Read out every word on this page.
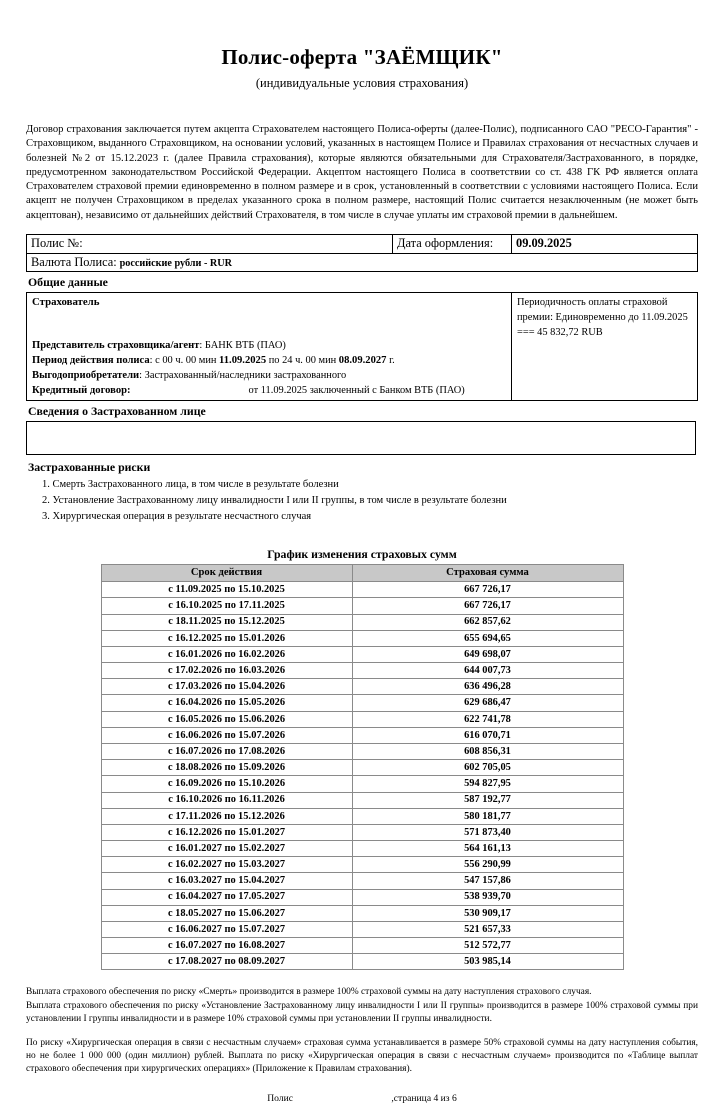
Полис-оферта "ЗАЁМЩИК"

(индивидуальные условия страхования)

Договор страхования заключается путем акцепта Страхователем настоящего Полиса-оферты (далее-Полис), подписанного САО "РЕСО-Гарантия" - Страховщиком, выданного Страховщиком, на основании условий, указанных в настоящем Полисе и Правилах страхования от несчастных случаев и болезней №2 от 15.12.2023 г. (далее Правила страхования), которые являются обязательными для Страхователя/Застрахованного, в порядке, предусмотренном законодательством Российской Федерации. Акцептом настоящего Полиса в соответствии со ст. 438 ГК РФ является оплата Страхователем страховой премии единовременно в полном размере и в срок, установленный в соответствии с условиями настоящего Полиса. Если акцепт не получен Страховщиком в пределах указанного срока в полном размере, настоящий Полис считается незаключенным (не может быть акцептован), независимо от дальнейших действий Страхователя, в том числе в случае уплаты им страховой премии в дальнейшем.

Полис №:	Дата оформления:	09.09.2025
Валюта Полиса: российские рубли - RUR
Общие данные
Страхователь
Представитель страховщика/агент: БАНК ВТБ (ПАО)
Период действия полиса: с 00 ч. 00 мин 11.09.2025 по 24 ч. 00 мин 08.09.2027 г.
Выгодоприобретатели: Застрахованный/наследники застрахованного
Кредитный договор:	от 11.09.2025 заключенный с Банком ВТБ (ПАО)
	Периодичность оплаты страховой премии: Единовременно до 11.09.2025 === 45 832,72 RUB
Сведения о Застрахованном лице
Застрахованные риски
1. Смерть Застрахованного лица, в том числе в результате болезни
2. Установление Застрахованному лицу инвалидности I или II группы, в том числе в результате болезни
3. Хирургическая операция в результате несчастного случая
График изменения страховых сумм
Срок действия	Страховая сумма
с 11.09.2025 по 15.10.2025	667 726,17
с 16.10.2025 по 17.11.2025	667 726,17
с 18.11.2025 по 15.12.2025	662 857,62
с 16.12.2025 по 15.01.2026	655 694,65
с 16.01.2026 по 16.02.2026	649 698,07
с 17.02.2026 по 16.03.2026	644 007,73
с 17.03.2026 по 15.04.2026	636 496,28
с 16.04.2026 по 15.05.2026	629 686,47
с 16.05.2026 по 15.06.2026	622 741,78
с 16.06.2026 по 15.07.2026	616 070,71
с 16.07.2026 по 17.08.2026	608 856,31
с 18.08.2026 по 15.09.2026	602 705,05
с 16.09.2026 по 15.10.2026	594 827,95
с 16.10.2026 по 16.11.2026	587 192,77
с 17.11.2026 по 15.12.2026	580 181,77
с 16.12.2026 по 15.01.2027	571 873,40
с 16.01.2027 по 15.02.2027	564 161,13
с 16.02.2027 по 15.03.2027	556 290,99
с 16.03.2027 по 15.04.2027	547 157,86
с 16.04.2027 по 17.05.2027	538 939,70
с 18.05.2027 по 15.06.2027	530 909,17
с 16.06.2027 по 15.07.2027	521 657,33
с 16.07.2027 по 16.08.2027	512 572,77
с 17.08.2027 по 08.09.2027	503 985,14

Выплата страхового обеспечения по риску «Смерть» производится в размере 100% страховой суммы на дату наступления страхового случая.

Выплата страхового обеспечения по риску «Установление Застрахованному лицу инвалидности I или II группы» производится в размере 100% страховой суммы при установлении I группы инвалидности и в размере 10% страховой суммы при установлении II группы инвалидности.

По риску «Хирургическая операция в связи с несчастным случаем» страховая сумма устанавливается в размере 50% страховой суммы на дату наступления события, но не более 1 000 000 (один миллион) рублей. Выплата по риску «Хирургическая операция в связи с несчастным случаем» производится по «Таблице выплат страхового обеспечения при хирургических операциях» (Приложение к Правилам страхования).

Полис	,страница 4 из 6
